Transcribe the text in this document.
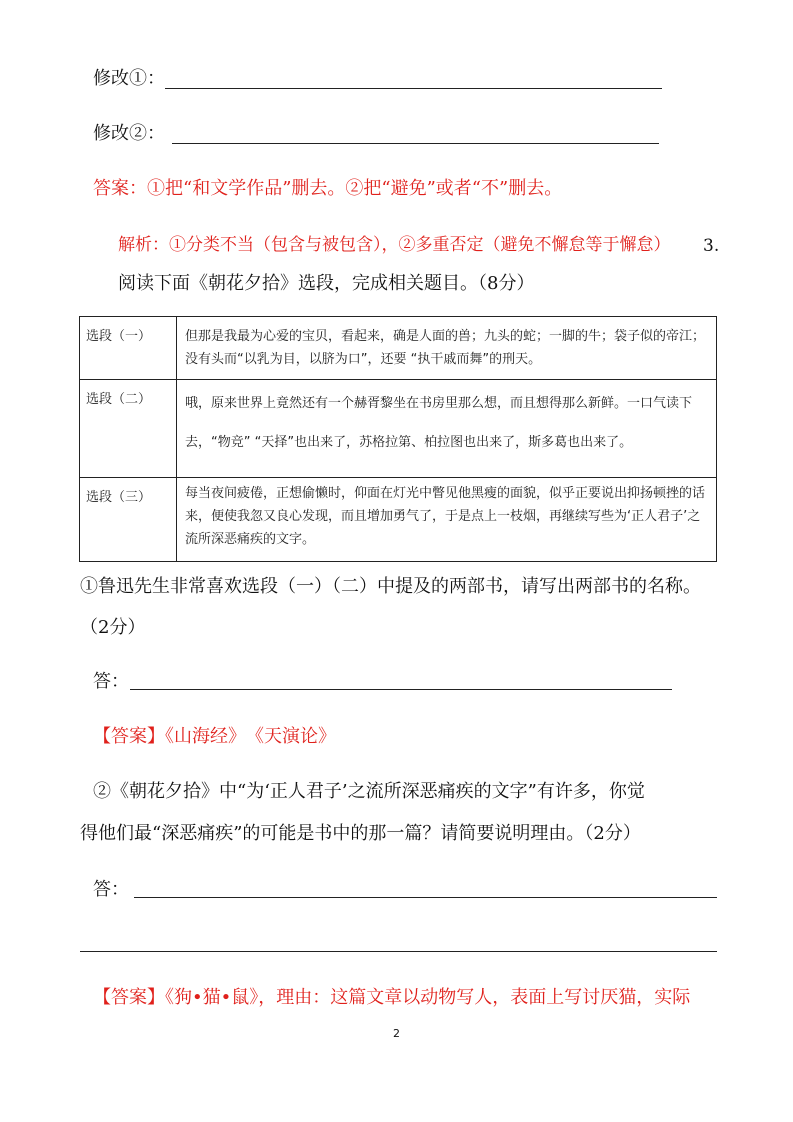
修改①：
修改②：
答案：①把“和文学作品”删去。②把“避免”或者“不”删去。
解析：①分类不当（包含与被包含），②多重否定（避免不懈怠等于懈怠） 3.
阅读下面《朝花夕拾》选段，完成相关题目。（8分）
选段（一）	但那是我最为心爱的宝贝，看起来，确是人面的兽；九头的蛇；一脚的牛；袋子似的帝江；没有头而“以乳为目，以脐为口”，还要 “执干戚而舞”的刑天。

选段（二）	哦，原来世界上竟然还有一个赫胥黎坐在书房里那么想，而且想得那么新鲜。一口气读下
去，“物竞” “天择”也出来了，苏格拉第、柏拉图也出来了，斯多葛也出来了。

选段（三）	每当夜间疲倦，正想偷懒时，仰面在灯光中瞥见他黑瘦的面貌，似乎正要说出抑扬顿挫的话来，便使我忽又良心发现，而且增加勇气了，于是点上一枝烟，再继续写些为‘正人君子’之流所深恶痛疾的文字。
①鲁迅先生非常喜欢选段（一）（二）中提及的两部书，请写出两部书的名称。
（2分）
答：
【答案】《山海经》　《天演论》
②《朝花夕拾》中“为‘正人君子’之流所深恶痛疾的文字”有许多，你觉
得他们最“深恶痛疾”的可能是书中的那一篇？请简要说明理由。（2分）
答：
【答案】《狗•猫•鼠》，理由：这篇文章以动物写人，表面上写讨厌猫，实际
2
